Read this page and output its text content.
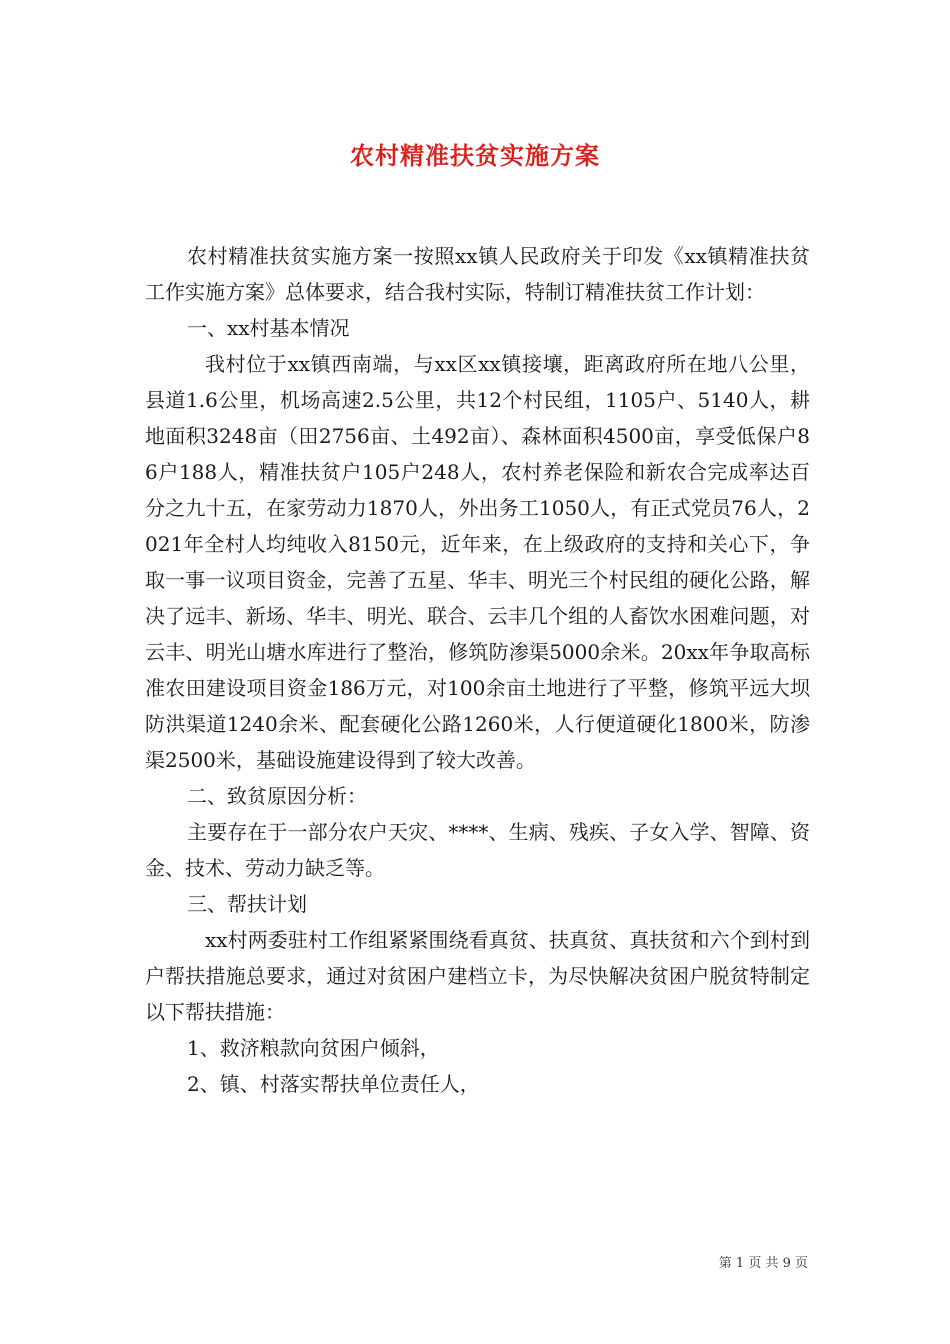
农村精准扶贫实施方案

农村精准扶贫实施方案一按照xx镇人民政府关于印发《xx镇精准扶贫工作实施方案》总体要求，结合我村实际，特制订精准扶贫工作计划：

一、xx村基本情况

我村位于xx镇西南端，与xx区xx镇接壤，距离政府所在地八公里，县道1.6公里，机场高速2.5公里，共12个村民组，1105户、5140人，耕地面积3248亩（田2756亩、土492亩）、森林面积4500亩，享受低保户86户188人，精准扶贫户105户248人，农村养老保险和新农合完成率达百分之九十五，在家劳动力1870人，外出务工1050人，有正式党员76人，2021年全村人均纯收入8150元，近年来，在上级政府的支持和关心下，争取一事一议项目资金，完善了五星、华丰、明光三个村民组的硬化公路，解决了远丰、新场、华丰、明光、联合、云丰几个组的人畜饮水困难问题，对云丰、明光山塘水库进行了整治，修筑防渗渠5000余米。20xx年争取高标准农田建设项目资金186万元，对100余亩土地进行了平整，修筑平远大坝防洪渠道1240余米、配套硬化公路1260米，人行便道硬化1800米，防渗渠2500米，基础设施建设得到了较大改善。

二、致贫原因分析：

主要存在于一部分农户天灾、****、生病、残疾、子女入学、智障、资金、技术、劳动力缺乏等。

三、帮扶计划

xx村两委驻村工作组紧紧围绕看真贫、扶真贫、真扶贫和六个到村到户帮扶措施总要求，通过对贫困户建档立卡，为尽快解决贫困户脱贫特制定以下帮扶措施：

1、救济粮款向贫困户倾斜，

2、镇、村落实帮扶单位责任人，

第 1 页 共 9 页
